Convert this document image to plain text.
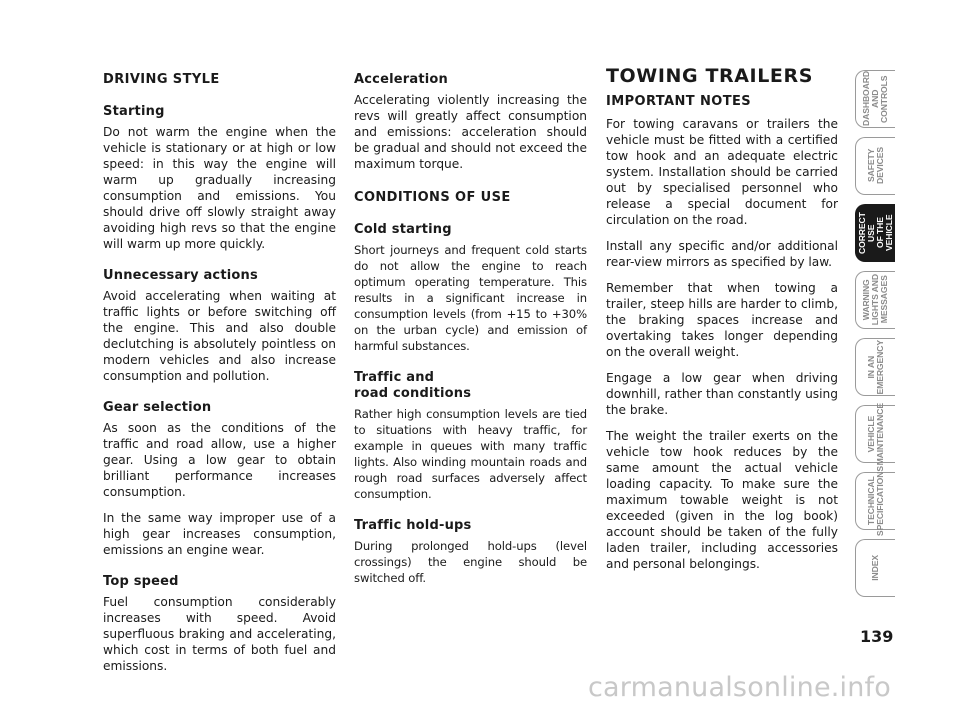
DRIVING STYLE
Starting

Do not warm the engine when the vehicle is stationary or at high or low speed: in this way the engine will warm up gradually increasing consumption and emissions. You should drive off slowly straight away avoiding high revs so that the engine will warm up more quickly.

Unnecessary actions

Avoid accelerating when waiting at traffic lights or before switching off the engine. This and also double declutching is absolutely pointless on modern vehicles and also increase consumption and pollution.

Gear selection

As soon as the conditions of the traffic and road allow, use a higher gear. Using a low gear to obtain brilliant performance increases consumption.

In the same way improper use of a high gear increases consumption, emissions an engine wear.

Top speed

Fuel consumption considerably increases with speed. Avoid superfluous braking and accelerating, which cost in terms of both fuel and emissions.

Acceleration

Accelerating violently increasing the revs will greatly affect consumption and emissions: acceleration should be gradual and should not exceed the maximum torque.

CONDITIONS OF USE
Cold starting

Short journeys and frequent cold starts do not allow the engine to reach optimum operating temperature. This results in a significant increase in consumption levels (from +15 to +30% on the urban cycle) and emission of harmful substances.

Traffic and
road conditions

Rather high consumption levels are tied to situations with heavy traffic, for example in queues with many traffic lights. Also winding mountain roads and rough road surfaces adversely affect consumption.

Traffic hold-ups

During prolonged hold-ups (level crossings) the engine should be switched off.

TOWING TRAILERS
IMPORTANT NOTES

For towing caravans or trailers the vehicle must be fitted with a certified tow hook and an adequate electric system. Installation should be carried out by specialised personnel who release a special document for circulation on the road.

Install any specific and/or additional rear-view mirrors as specified by law.

Remember that when towing a trailer, steep hills are harder to climb, the braking spaces increase and overtaking takes longer depending on the overall weight.

Engage a low gear when driving downhill, rather than constantly using the brake.

The weight the trailer exerts on the vehicle tow hook reduces by the same amount the actual vehicle loading capacity. To make sure the maximum towable weight is not exceeded (given in the log book) account should be taken of the fully laden trailer, including accessories and personal belongings.

DASHBOARD
AND CONTROLS
SAFETY
DEVICES
CORRECT USE
OF THE VEHICLE
WARNING
LIGHTS AND
MESSAGES
IN AN
EMERGENCY
VEHICLE
MAINTENANCE
TECHNICAL
SPECIFICATIONS
INDEX
139
carmanualsonline.info
